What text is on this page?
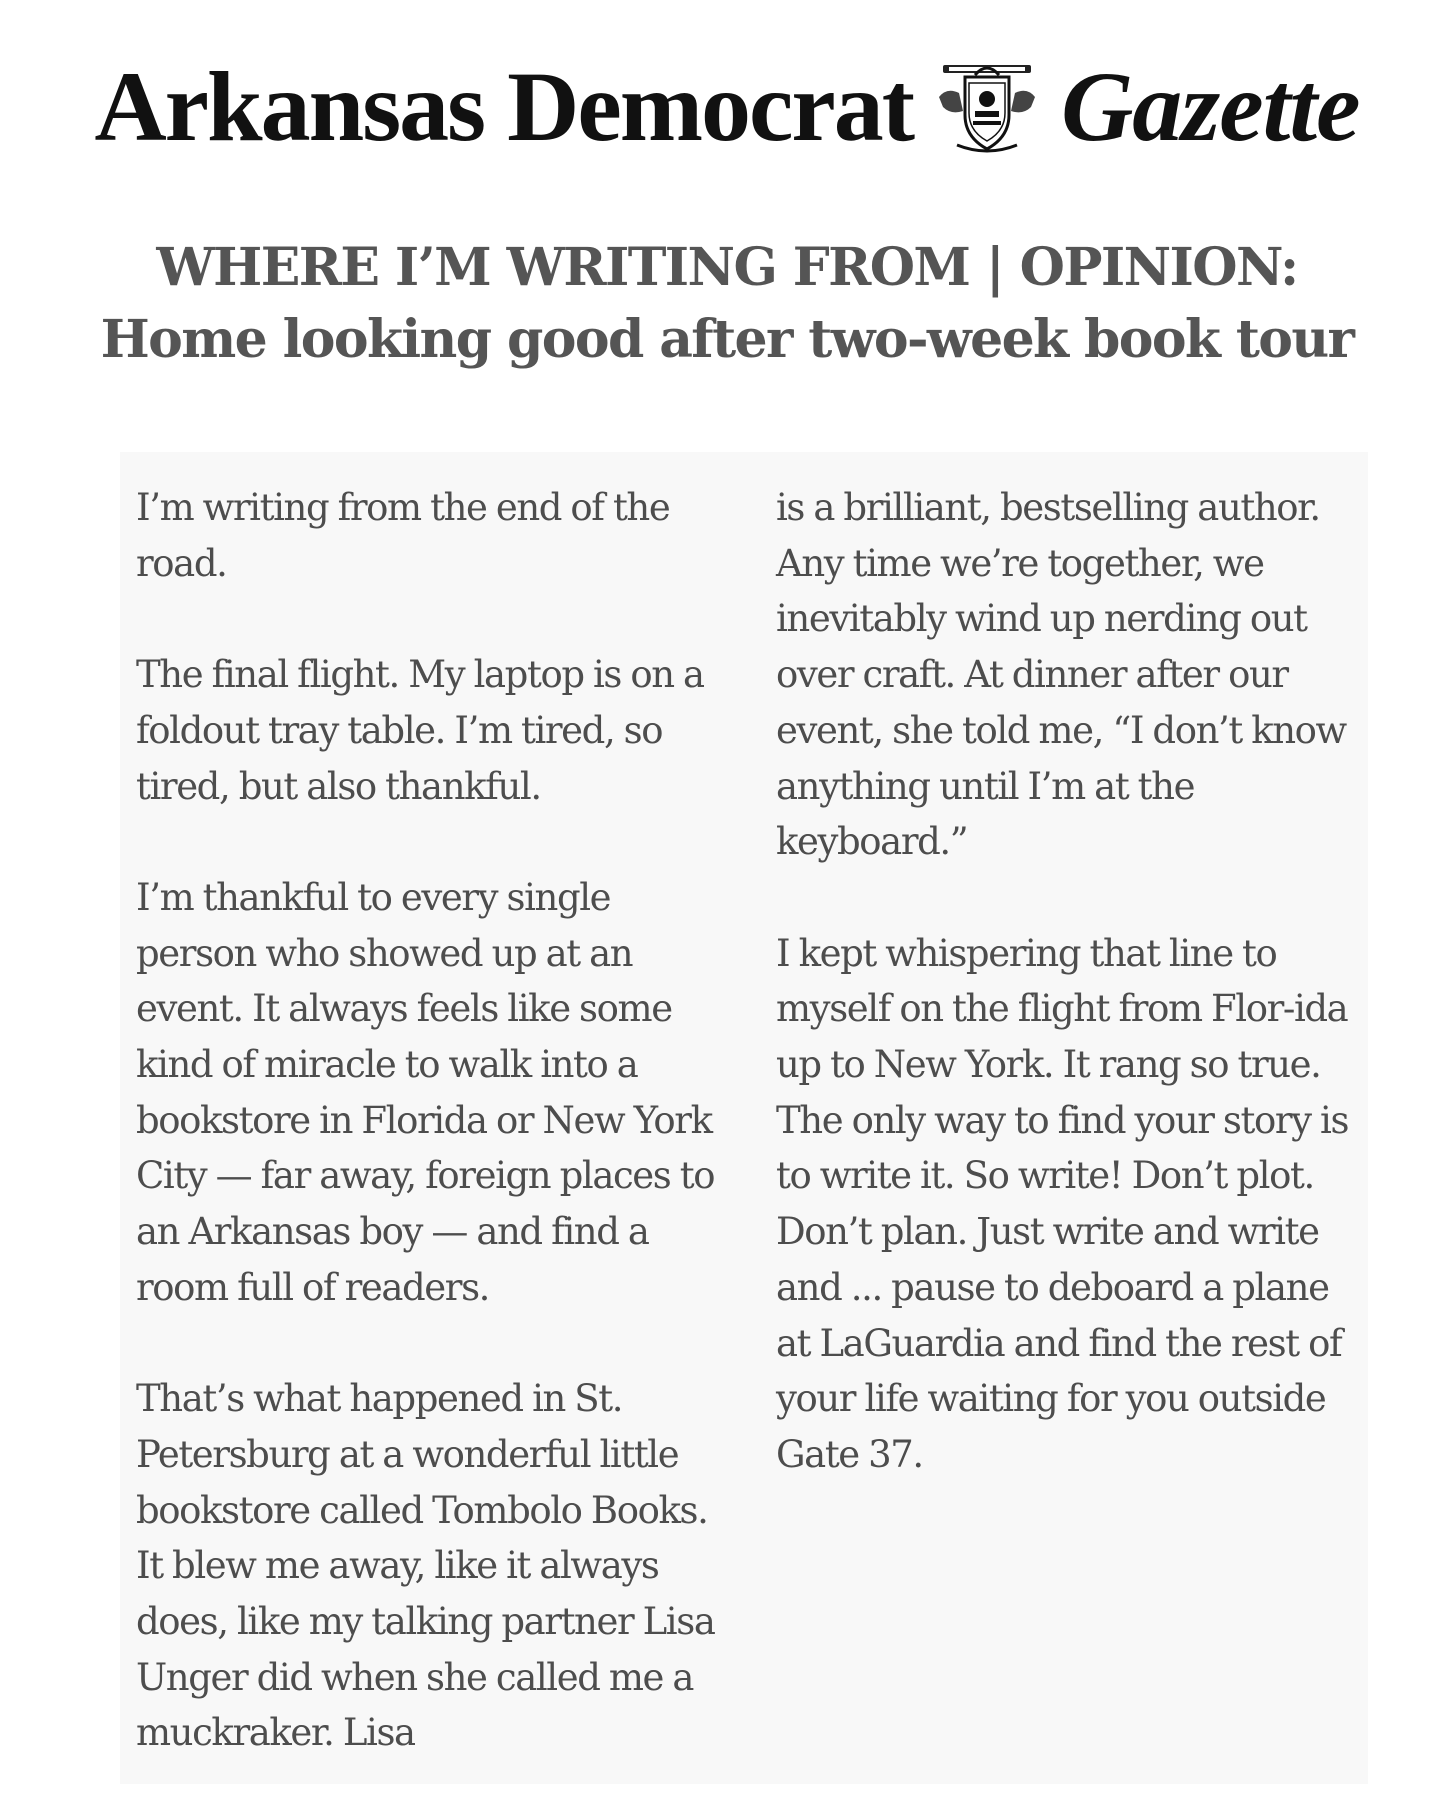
Arkansas Democrat Gazette
WHERE I’M WRITING FROM | OPINION:
Home looking good after two-week book tour

I’m writing from the end of the road.

The final flight. My laptop is on a foldout tray table. I’m tired, so tired, but also thankful.

I’m thankful to every single person who showed up at an event. It always feels like some kind of miracle to walk into a bookstore in Florida or New York City — far away, foreign places to an Arkansas boy — and find a room full of readers.

That’s what happened in St. Petersburg at a wonderful little bookstore called Tombolo Books. It blew me away, like it always does, like my talking partner Lisa Unger did when she called me a muckraker. Lisa

is a brilliant, bestselling author. Any time we’re together, we inevitably wind up nerding out over craft. At dinner after our event, she told me, “I don’t know anything until I’m at the keyboard.”

I kept whispering that line to myself on the flight from Flor-ida up to New York. It rang so true. The only way to find your story is to write it. So write! Don’t plot. Don’t plan. Just write and write and ... pause to deboard a plane at LaGuardia and find the rest of your life waiting for you outside Gate 37.
